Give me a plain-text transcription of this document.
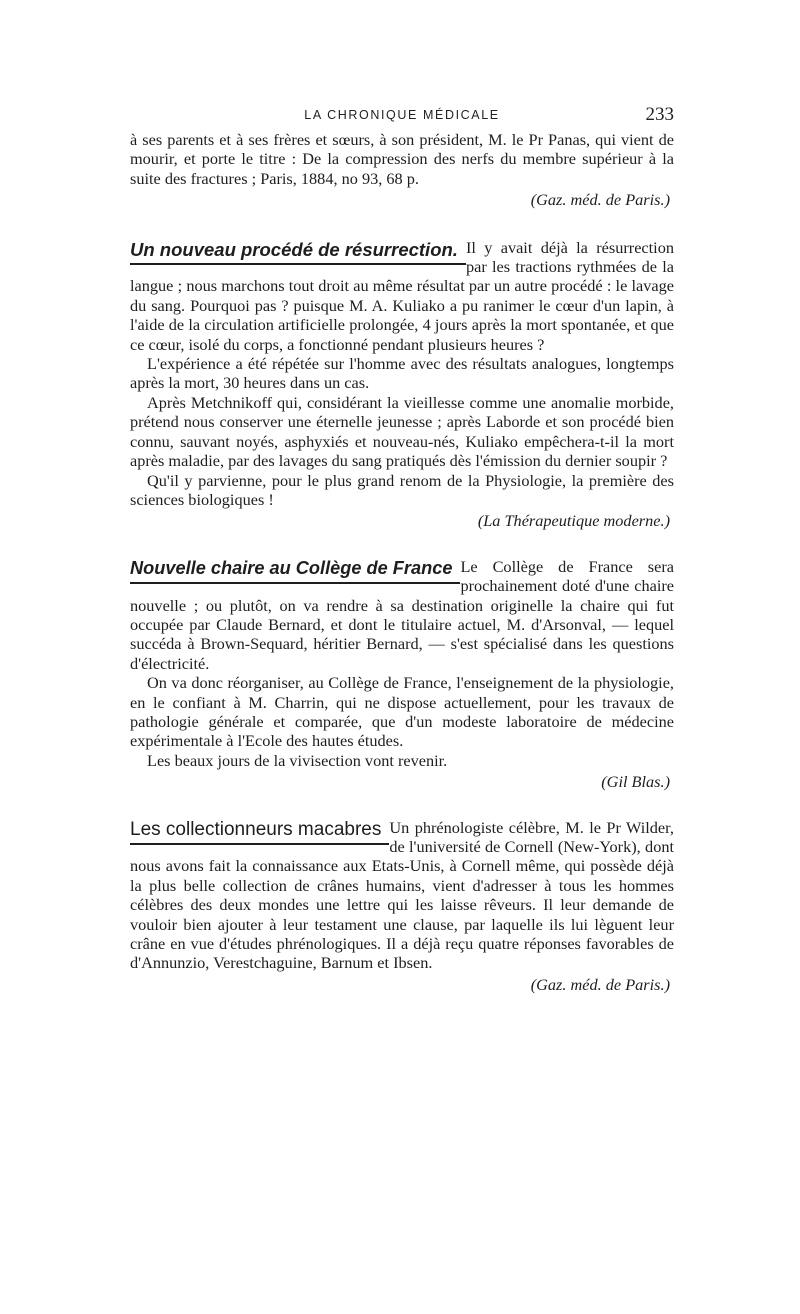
LA CHRONIQUE MÉDICALE	233

à ses parents et à ses frères et sœurs, à son président, M. le Pr Panas, qui vient de mourir, et porte le titre : De la compression des nerfs du membre supérieur à la suite des fractures ; Paris, 1884, no 93, 68 p.

(Gaz. méd. de Paris.)

Un nouveau procédé de résurrection. Il y avait déjà la résurrection par les tractions rythmées de la langue ; nous marchons tout droit au même résultat par un autre procédé : le lavage du sang. Pourquoi pas ? puisque M. A. Kuliako a pu ranimer le cœur d'un lapin, à l'aide de la circulation artificielle prolongée, 4 jours après la mort spontanée, et que ce cœur, isolé du corps, a fonctionné pendant plusieurs heures ?

L'expérience a été répétée sur l'homme avec des résultats analogues, longtemps après la mort, 30 heures dans un cas.

Après Metchnikoff qui, considérant la vieillesse comme une anomalie morbide, prétend nous conserver une éternelle jeunesse ; après Laborde et son procédé bien connu, sauvant noyés, asphyxiés et nouveau-nés, Kuliako empêchera-t-il la mort après maladie, par des lavages du sang pratiqués dès l'émission du dernier soupir ?

Qu'il y parvienne, pour le plus grand renom de la Physiologie, la première des sciences biologiques !

(La Thérapeutique moderne.)

Nouvelle chaire au Collège de France Le Collège de France sera prochainement doté d'une chaire nouvelle ; ou plutôt, on va rendre à sa destination originelle la chaire qui fut occupée par Claude Bernard, et dont le titulaire actuel, M. d'Arsonval, — lequel succéda à Brown-Sequard, héritier Bernard, — s'est spécialisé dans les questions d'électricité.

On va donc réorganiser, au Collège de France, l'enseignement de la physiologie, en le confiant à M. Charrin, qui ne dispose actuellement, pour les travaux de pathologie générale et comparée, que d'un modeste laboratoire de médecine expérimentale à l'Ecole des hautes études.

Les beaux jours de la vivisection vont revenir.

(Gil Blas.)

Les collectionneurs macabres Un phrénologiste célèbre, M. le Pr Wilder, de l'université de Cornell (New-York), dont nous avons fait la connaissance aux Etats-Unis, à Cornell même, qui possède déjà la plus belle collection de crânes humains, vient d'adresser à tous les hommes célèbres des deux mondes une lettre qui les laisse rêveurs. Il leur demande de vouloir bien ajouter à leur testament une clause, par laquelle ils lui lèguent leur crâne en vue d'études phrénologiques. Il a déjà reçu quatre réponses favorables de d'Annunzio, Verestchaguine, Barnum et Ibsen.

(Gaz. méd. de Paris.)
